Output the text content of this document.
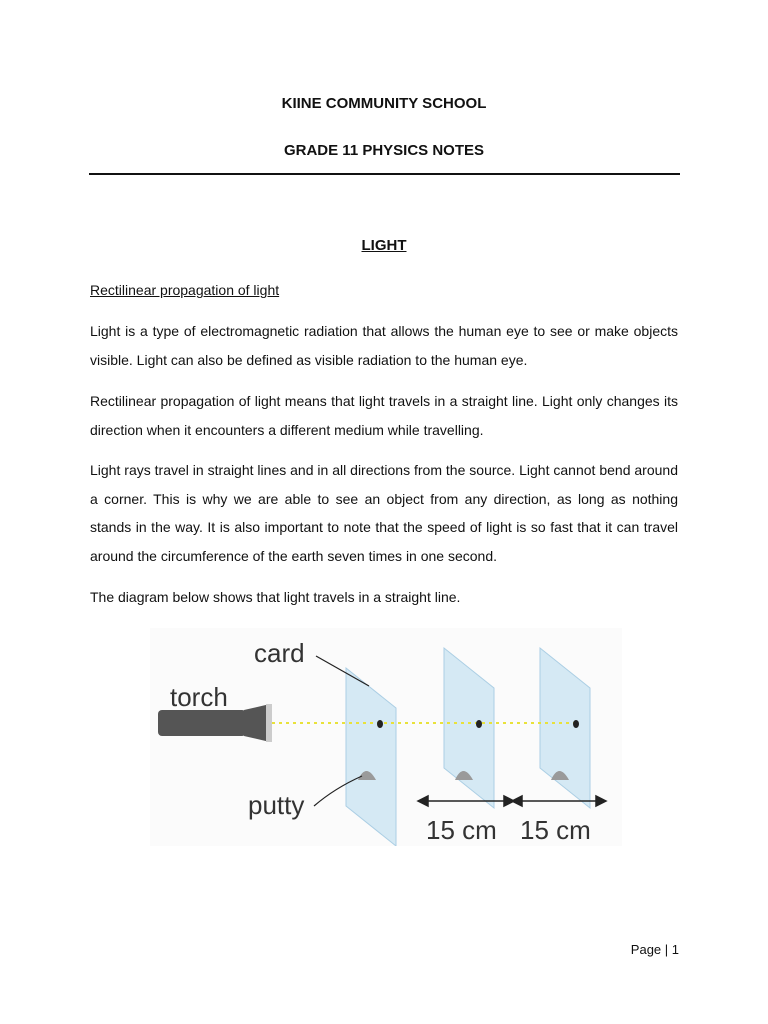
KIINE COMMUNITY SCHOOL
GRADE 11 PHYSICS NOTES
LIGHT

Rectilinear propagation of light

Light is a type of electromagnetic radiation that allows the human eye to see or make objects visible. Light can also be defined as visible radiation to the human eye.

Rectilinear propagation of light means that light travels in a straight line. Light only changes its direction when it encounters a different medium while travelling.

Light rays travel in straight lines and in all directions from the source. Light cannot bend around a corner. This is why we are able to see an object from any direction, as long as nothing stands in the way. It is also important to note that the speed of light is so fast that it can travel around the circumference of the earth seven times in one second.

The diagram below shows that light travels in a straight line.

card
torch
putty
15 cm 15 cm

Page | 1
